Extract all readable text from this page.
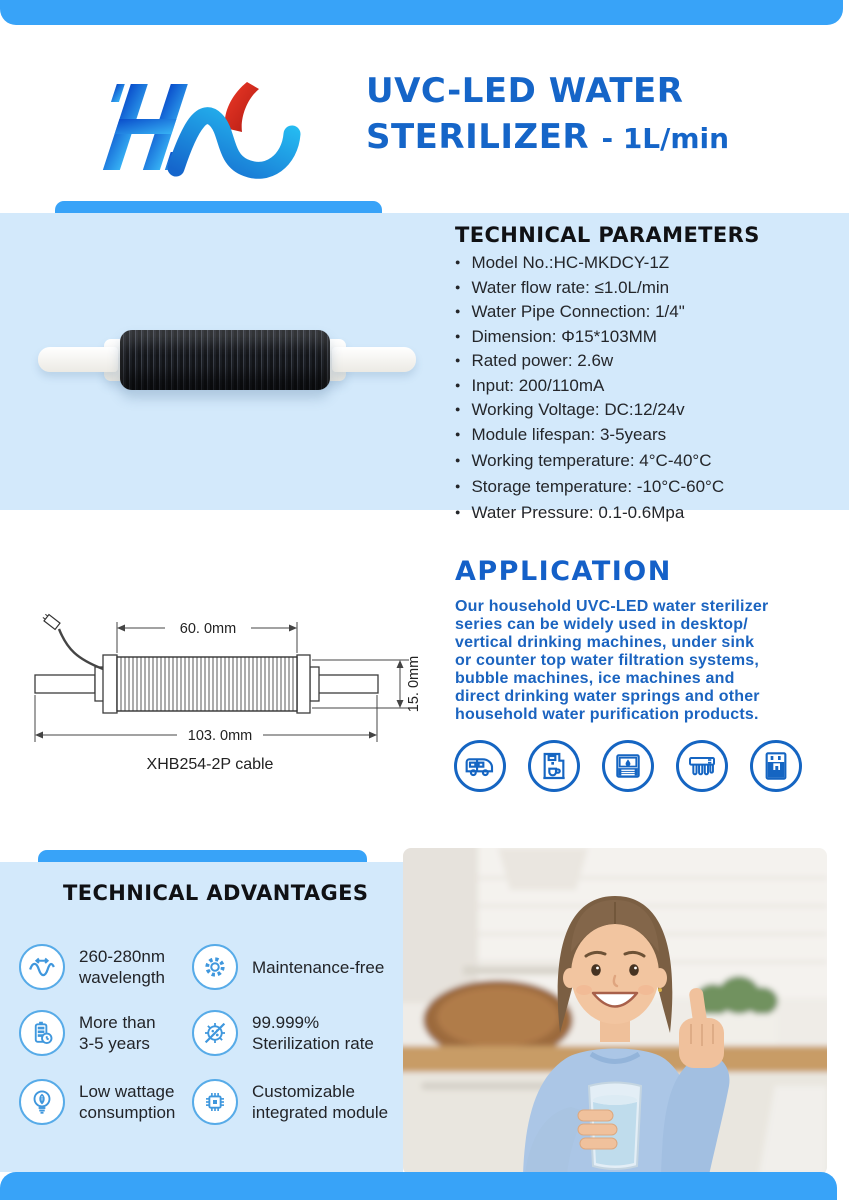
UVC-LED WATER
STERILIZER - 1L/min
TECHNICAL PARAMETERS
● Model No.:HC-MKDCY-1Z
● Water flow rate: ≤1.0L/min
● Water Pipe Connection: 1/4"
● Dimension: Φ15*103MM
● Rated power: 2.6w
● Input: 200/110mA
● Working Voltage: DC:12/24v
● Module lifespan: 3-5years
● Working temperature: 4°C-40°C
● Storage temperature: -10°C-60°C
● Water Pressure: 0.1-0.6Mpa
60. 0mm
103. 0mm
15. 0mm
XHB254-2P cable
APPLICATION
Our household UVC-LED water sterilizer
series can be widely used in desktop/
vertical drinking machines, under sink
or counter top water filtration systems,
bubble machines, ice machines and
direct drinking water springs and other
household water purification products.
TECHNICAL ADVANTAGES
260-280nm
wavelength
Maintenance-free
More than
3-5 years
99.999%
Sterilization rate
Low wattage
consumption
Customizable
integrated module
